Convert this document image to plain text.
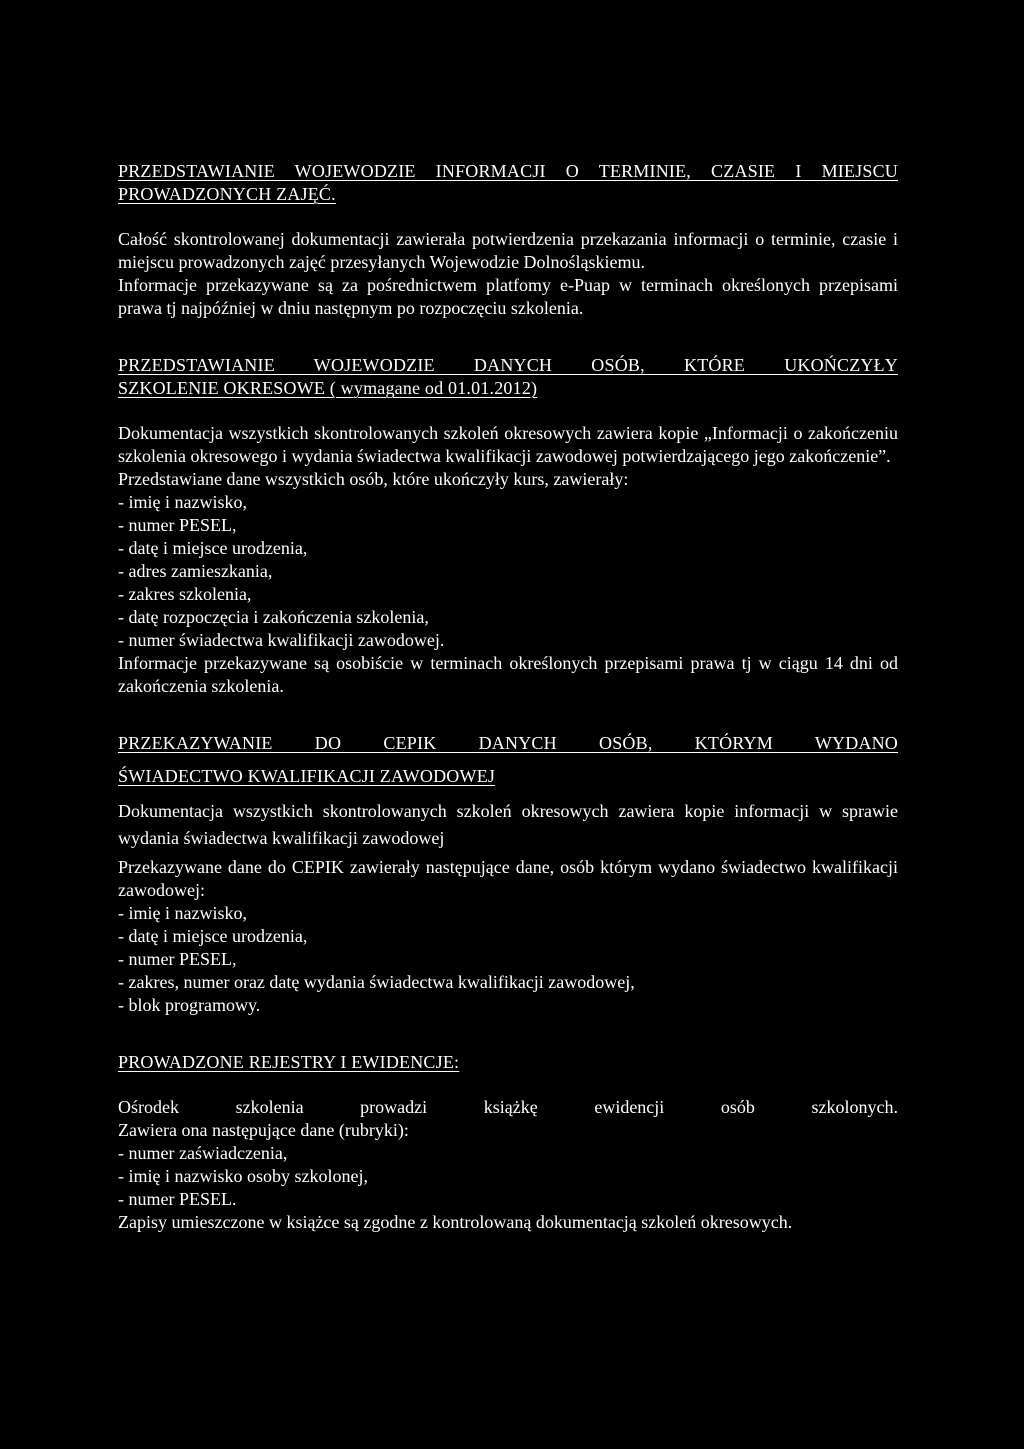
PRZEDSTAWIANIE WOJEWODZIE INFORMACJI O TERMINIE, CZASIE I MIEJSCU

PROWADZONYCH ZAJĘĆ.

Całość skontrolowanej dokumentacji zawierała potwierdzenia przekazania informacji o terminie, czasie i miejscu prowadzonych zajęć przesyłanych Wojewodzie Dolnośląskiemu.

Informacje przekazywane są za pośrednictwem platfomy e-Puap w terminach określonych przepisami prawa tj najpóźniej w dniu następnym po rozpoczęciu szkolenia.

PRZEDSTAWIANIE WOJEWODZIE DANYCH OSÓB, KTÓRE UKOŃCZYŁY

SZKOLENIE OKRESOWE ( wymagane od 01.01.2012)

Dokumentacja wszystkich skontrolowanych szkoleń okresowych zawiera kopie „Informacji o zakończeniu szkolenia okresowego i wydania świadectwa kwalifikacji zawodowej potwierdzającego jego zakończenie”.

Przedstawiane dane wszystkich osób, które ukończyły kurs, zawierały:

- imię i nazwisko,
- numer PESEL,
- datę i miejsce urodzenia,
- adres zamieszkania,
- zakres szkolenia,
- datę rozpoczęcia i zakończenia szkolenia,
- numer świadectwa kwalifikacji zawodowej.

Informacje przekazywane są osobiście w terminach określonych przepisami prawa tj w ciągu 14 dni od zakończenia szkolenia.

PRZEKAZYWANIE DO CEPIK DANYCH OSÓB, KTÓRYM WYDANO

ŚWIADECTWO KWALIFIKACJI ZAWODOWEJ

Dokumentacja wszystkich skontrolowanych szkoleń okresowych zawiera kopie informacji w sprawie wydania świadectwa kwalifikacji zawodowej

Przekazywane dane do CEPIK zawierały następujące dane, osób którym wydano świadectwo kwalifikacji zawodowej:

- imię i nazwisko,
- datę i miejsce urodzenia,
- numer PESEL,
- zakres, numer oraz datę wydania świadectwa kwalifikacji zawodowej,
- blok programowy.

PROWADZONE REJESTRY I EWIDENCJE:

Ośrodek szkolenia prowadzi książkę ewidencji osób szkolonych.

Zawiera ona następujące dane (rubryki):

- numer zaświadczenia,
- imię i nazwisko osoby szkolonej,
- numer PESEL.

Zapisy umieszczone w książce są zgodne z kontrolowaną dokumentacją szkoleń okresowych.
